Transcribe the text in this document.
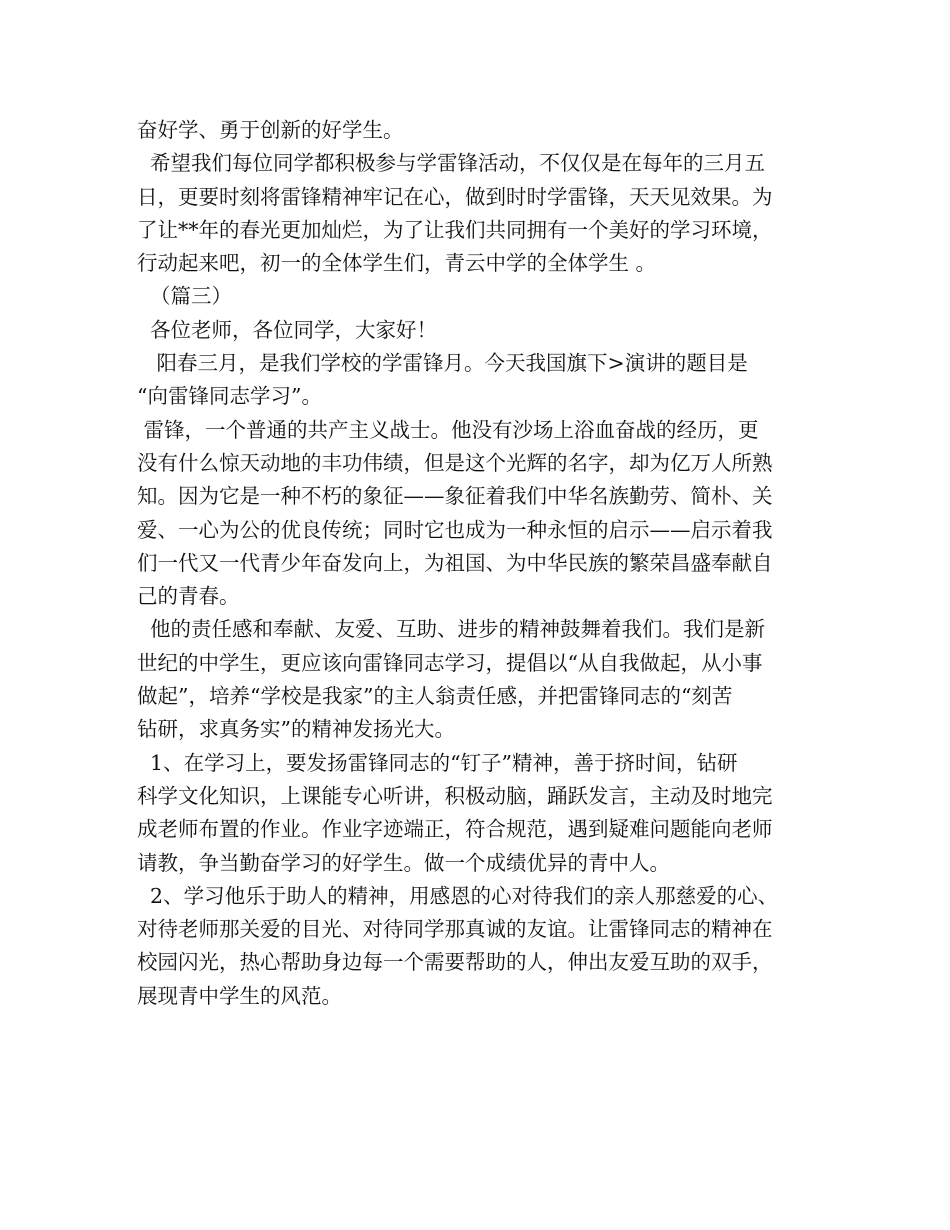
奋好学、勇于创新的好学生。
希望我们每位同学都积极参与学雷锋活动，不仅仅是在每年的三月五
日，更要时刻将雷锋精神牢记在心，做到时时学雷锋，天天见效果。为
了让**年的春光更加灿烂，为了让我们共同拥有一个美好的学习环境，
行动起来吧，初一的全体学生们，青云中学的全体学生 。
（篇三）
各位老师，各位同学，大家好！
阳春三月，是我们学校的学雷锋月。今天我国旗下>演讲的题目是
“向雷锋同志学习”。
雷锋，一个普通的共产主义战士。他没有沙场上浴血奋战的经历，更
没有什么惊天动地的丰功伟绩，但是这个光辉的名字，却为亿万人所熟
知。因为它是一种不朽的象征——象征着我们中华名族勤劳、简朴、关
爱、一心为公的优良传统；同时它也成为一种永恒的启示——启示着我
们一代又一代青少年奋发向上，为祖国、为中华民族的繁荣昌盛奉献自
己的青春。
他的责任感和奉献、友爱、互助、进步的精神鼓舞着我们。我们是新
世纪的中学生，更应该向雷锋同志学习，提倡以“从自我做起，从小事
做起”，培养“学校是我家”的主人翁责任感，并把雷锋同志的“刻苦
钻研，求真务实”的精神发扬光大。
1、在学习上，要发扬雷锋同志的“钉子”精神，善于挤时间，钻研
科学文化知识，上课能专心听讲，积极动脑，踊跃发言，主动及时地完
成老师布置的作业。作业字迹端正，符合规范，遇到疑难问题能向老师
请教，争当勤奋学习的好学生。做一个成绩优异的青中人。
2、学习他乐于助人的精神，用感恩的心对待我们的亲人那慈爱的心、
对待老师那关爱的目光、对待同学那真诚的友谊。让雷锋同志的精神在
校园闪光，热心帮助身边每一个需要帮助的人，伸出友爱互助的双手，
展现青中学生的风范。
